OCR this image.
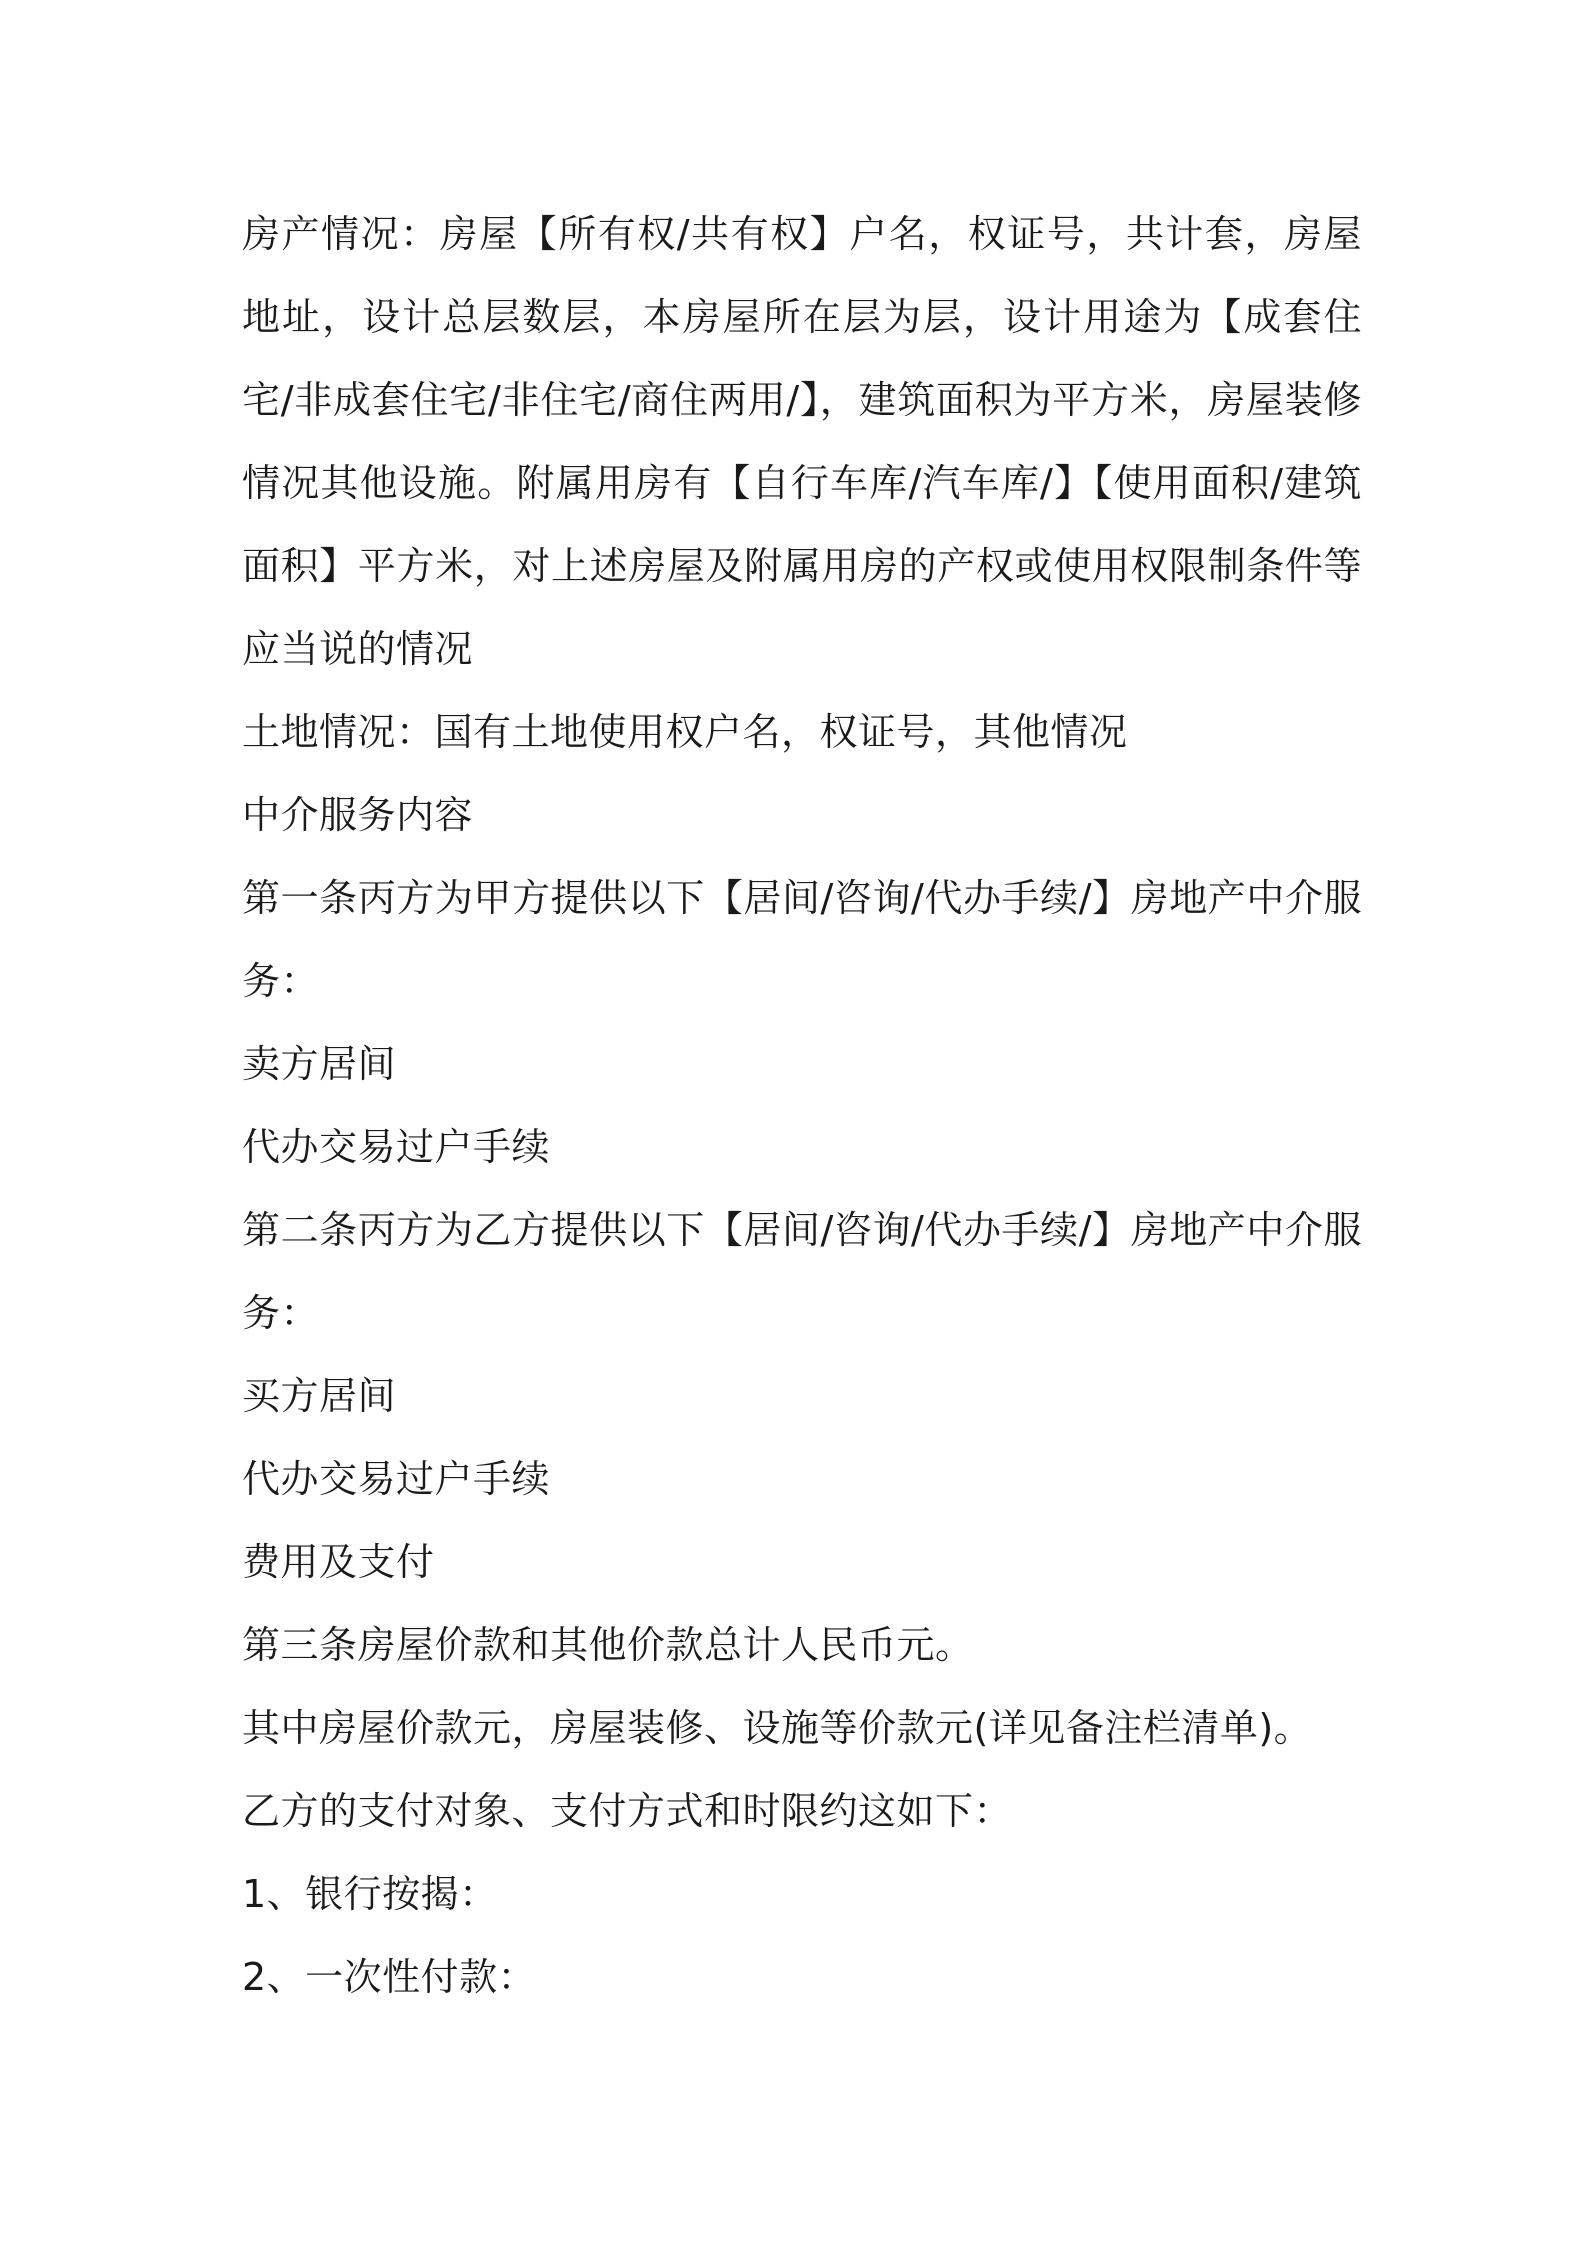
房产情况：房屋【所有权/共有权】户名，权证号，共计套，房屋地址，设计总层数层，本房屋所在层为层，设计用途为【成套住宅/非成套住宅/非住宅/商住两用/】，建筑面积为平方米，房屋装修情况其他设施。附属用房有【自行车库/汽车库/】【使用面积/建筑面积】平方米，对上述房屋及附属用房的产权或使用权限制条件等应当说的情况

土地情况：国有土地使用权户名，权证号，其他情况

中介服务内容

第一条丙方为甲方提供以下【居间/咨询/代办手续/】房地产中介服务：

卖方居间

代办交易过户手续

第二条丙方为乙方提供以下【居间/咨询/代办手续/】房地产中介服务：

买方居间

代办交易过户手续

费用及支付

第三条房屋价款和其他价款总计人民币元。

其中房屋价款元，房屋装修、设施等价款元(详见备注栏清单)。

乙方的支付对象、支付方式和时限约这如下：

1、银行按揭：

2、一次性付款：
